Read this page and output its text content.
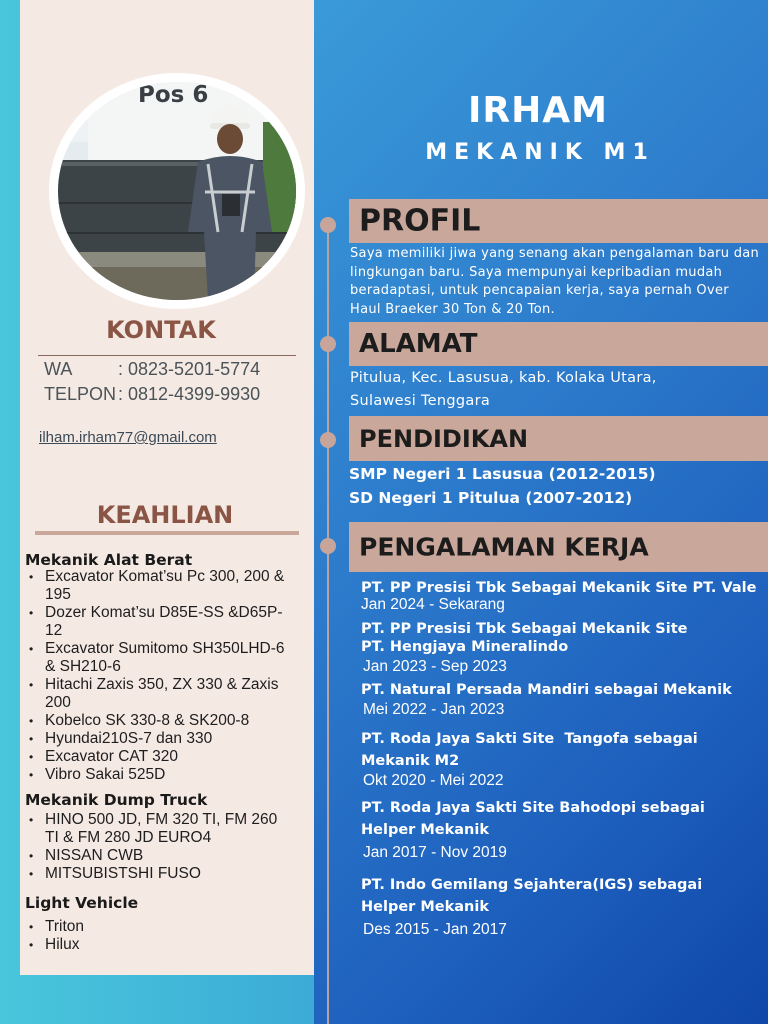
Pos 6
KONTAK
WA	: 0823-5201-5774
TELPON : 0812-4399-9930
ilham.irham77@gmail.com
KEAHLIAN
Mekanik Alat Berat
• Excavator Komat’su Pc 300, 200 & 195
• Dozer Komat’su D85E-SS &D65P-12
• Excavator Sumitomo SH350LHD-6 & SH210-6
• Hitachi Zaxis 350, ZX 330 & Zaxis 200
• Kobelco SK 330-8 & SK200-8
• Hyundai210S-7 dan 330
• Excavator CAT 320
• Vibro Sakai 525D
Mekanik Dump Truck
• HINO 500 JD, FM 320 TI, FM 260 TI & FM 280 JD EURO4
• NISSAN CWB
• MITSUBISTSHI FUSO
Light Vehicle
• Triton
• Hilux
IRHAM
MEKANIK M1
PROFIL
Saya memiliki jiwa yang senang akan pengalaman baru dan lingkungan baru. Saya mempunyai kepribadian mudah beradaptasi, untuk pencapaian kerja, saya pernah Over Haul Braeker 30 Ton & 20 Ton.
ALAMAT
Pitulua, Kec. Lasusua, kab. Kolaka Utara,
Sulawesi Tenggara
PENDIDIKAN
SMP Negeri 1 Lasusua (2012-2015)
SD Negeri 1 Pitulua (2007-2012)
PENGALAMAN KERJA
PT. PP Presisi Tbk Sebagai Mekanik Site PT. Vale
Jan 2024 - Sekarang
PT. PP Presisi Tbk Sebagai Mekanik Site
PT. Hengjaya Mineralindo
Jan 2023 - Sep 2023
PT. Natural Persada Mandiri sebagai Mekanik
Mei 2022 - Jan 2023
PT. Roda Jaya Sakti Site  Tangofa sebagai
Mekanik M2
Okt 2020 - Mei 2022
PT. Roda Jaya Sakti Site Bahodopi sebagai
Helper Mekanik
Jan 2017 - Nov 2019
PT. Indo Gemilang Sejahtera(IGS) sebagai
Helper Mekanik
Des 2015 - Jan 2017
